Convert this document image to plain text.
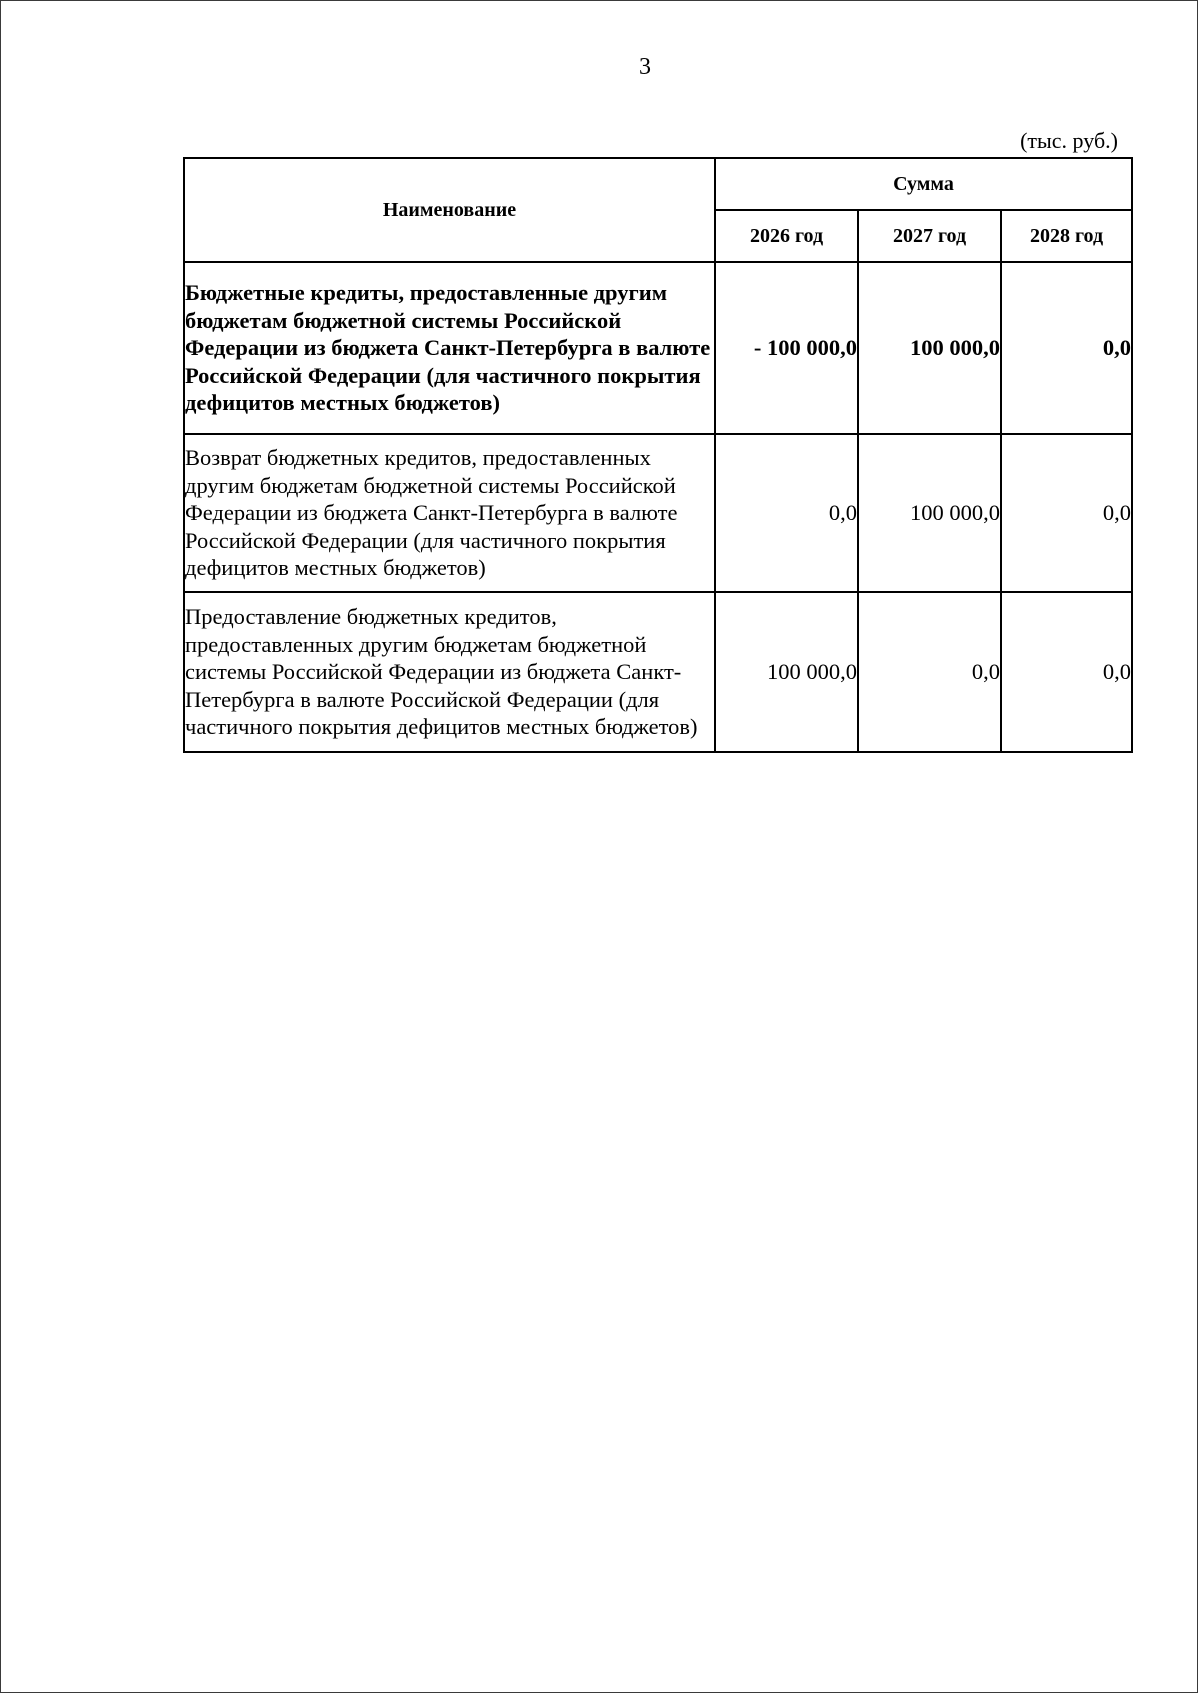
3
(тыс. руб.)
Наименование	Сумма		
	2026 год	2027 год	2028 год
Бюджетные кредиты, предоставленные другим бюджетам бюджетной системы Российской Федерации из бюджета Санкт-Петербурга в валюте Российской Федерации (для частичного покрытия дефицитов местных бюджетов)	- 100 000,0	100 000,0	0,0
Возврат бюджетных кредитов, предоставленных другим бюджетам бюджетной системы Российской Федерации из бюджета Санкт-Петербурга в валюте Российской Федерации (для частичного покрытия дефицитов местных бюджетов)	0,0	100 000,0	0,0
Предоставление бюджетных кредитов, предоставленных другим бюджетам бюджетной системы Российской Федерации из бюджета Санкт-Петербурга в валюте Российской Федерации (для частичного покрытия дефицитов местных бюджетов)	100 000,0	0,0	0,0
